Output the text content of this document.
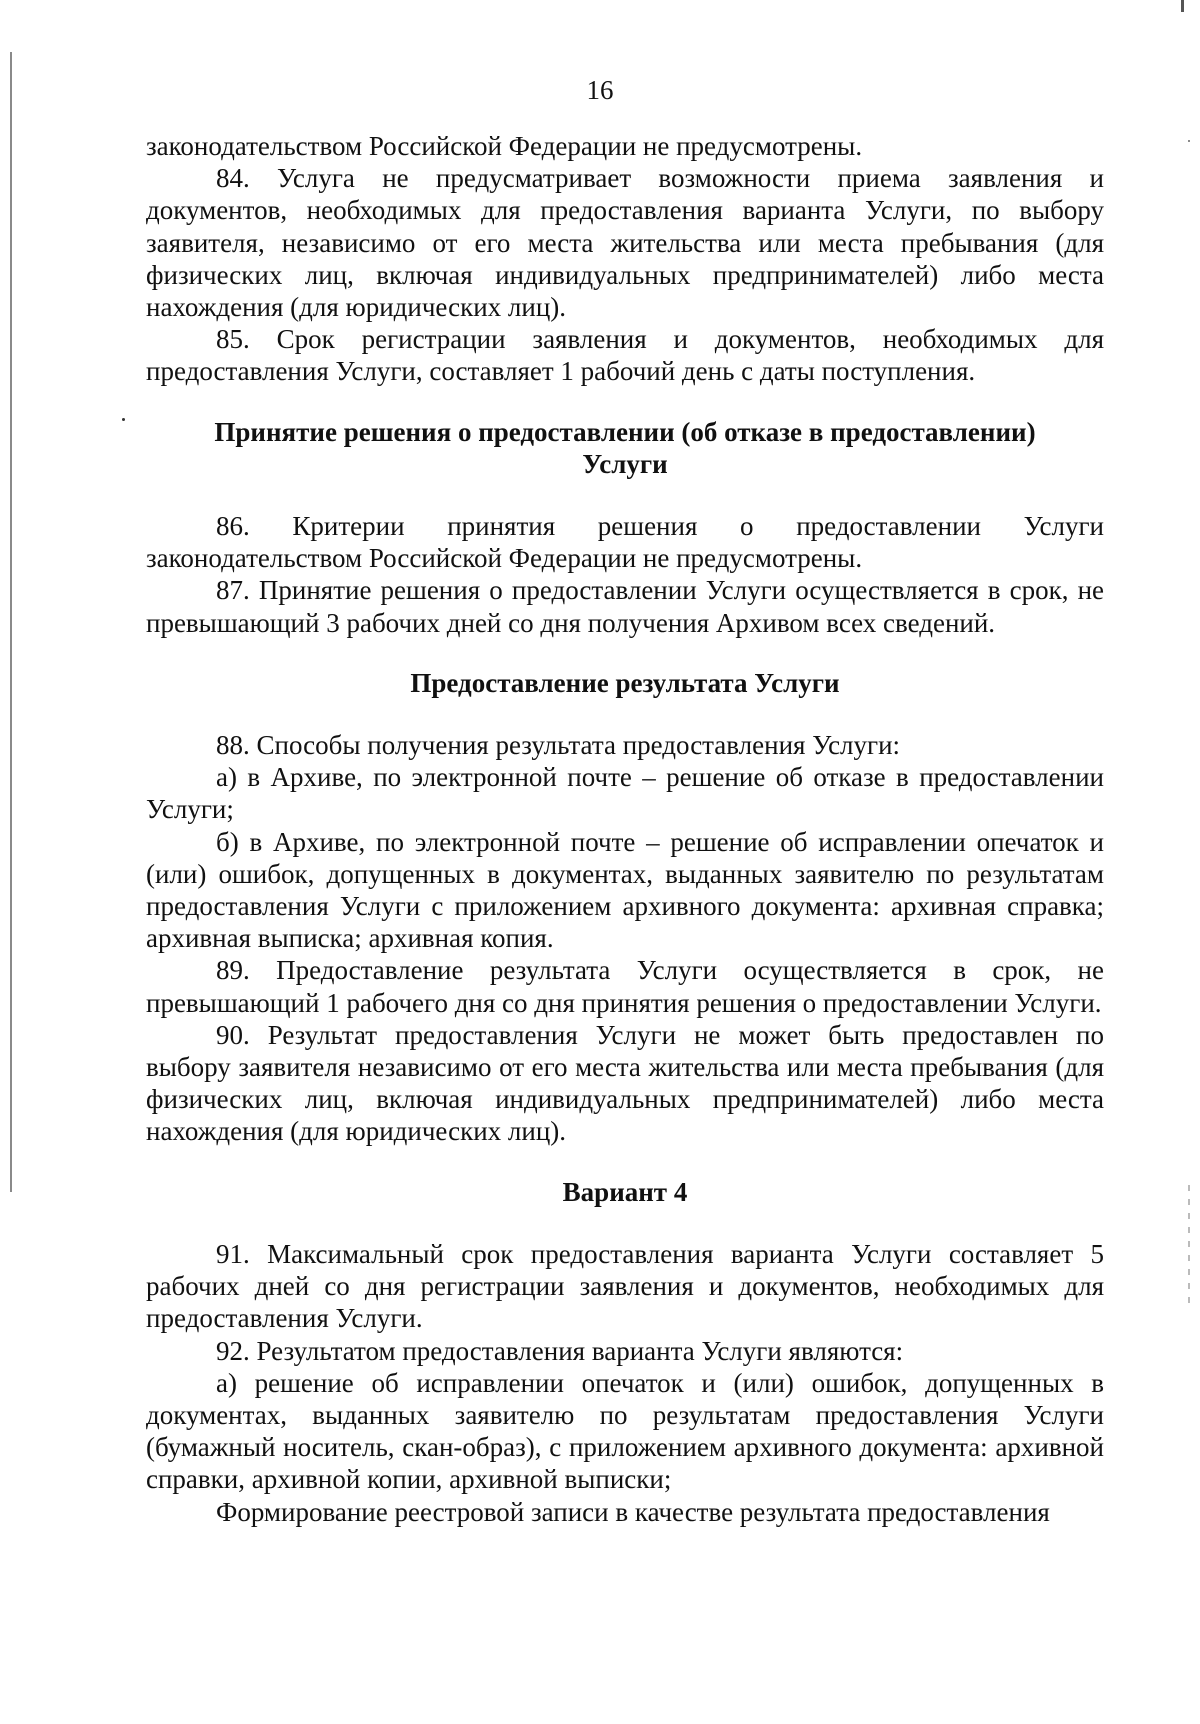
16

законодательством Российской Федерации не предусмотрены.

84. Услуга не предусматривает возможности приема заявления и документов, необходимых для предоставления варианта Услуги, по выбору заявителя, независимо от его места жительства или места пребывания (для физических лиц, включая индивидуальных предпринимателей) либо места нахождения (для юридических лиц).

85. Срок регистрации заявления и документов, необходимых для предоставления Услуги, составляет 1 рабочий день с даты поступления.

Принятие решения о предоставлении (об отказе в предоставлении)
Услуги

86. Критерии принятия решения о предоставлении Услуги законодательством Российской Федерации не предусмотрены.

87. Принятие решения о предоставлении Услуги осуществляется в срок, не превышающий 3 рабочих дней со дня получения Архивом всех сведений.

Предоставление результата Услуги

88. Способы получения результата предоставления Услуги:

а) в Архиве, по электронной почте – решение об отказе в предоставлении Услуги;

б) в Архиве, по электронной почте – решение об исправлении опечаток и (или) ошибок, допущенных в документах, выданных заявителю по результатам предоставления Услуги с приложением архивного документа: архивная справка; архивная выписка; архивная копия.

89. Предоставление результата Услуги осуществляется в срок, не превышающий 1 рабочего дня со дня принятия решения о предоставлении Услуги.

90. Результат предоставления Услуги не может быть предоставлен по выбору заявителя независимо от его места жительства или места пребывания (для физических лиц, включая индивидуальных предпринимателей) либо места нахождения (для юридических лиц).

Вариант 4

91. Максимальный срок предоставления варианта Услуги составляет 5 рабочих дней со дня регистрации заявления и документов, необходимых для предоставления Услуги.

92. Результатом предоставления варианта Услуги являются:

а) решение об исправлении опечаток и (или) ошибок, допущенных в документах, выданных заявителю по результатам предоставления Услуги (бумажный носитель, скан-образ), с приложением архивного документа: архивной справки, архивной копии, архивной выписки;

Формирование реестровой записи в качестве результата предоставления
